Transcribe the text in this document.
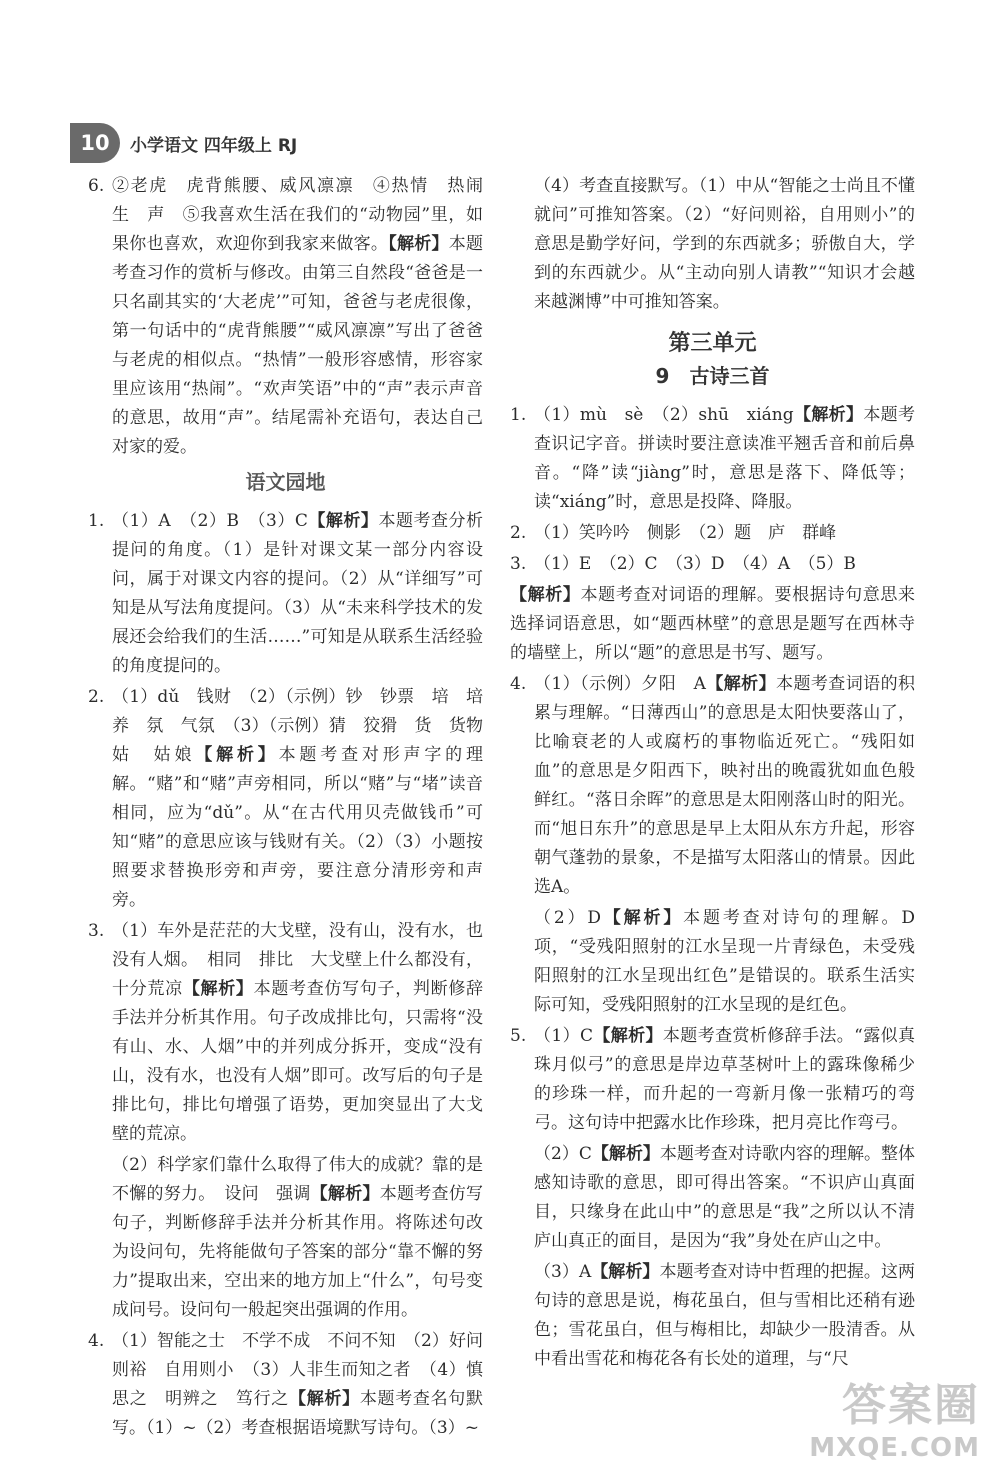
10	小学语文 四年级上 RJ

6. ②老虎　虎背熊腰、威风凛凛　④热情　热闹　生　声　⑤我喜欢生活在我们的“动物园”里，如果你也喜欢，欢迎你到我家来做客。【解析】本题考查习作的赏析与修改。由第三自然段“爸爸是一只名副其实的‘大老虎’”可知，爸爸与老虎很像，第一句话中的“虎背熊腰”“威风凛凛”写出了爸爸与老虎的相似点。“热情”一般形容感情，形容家里应该用“热闹”。“欢声笑语”中的“声”表示声音的意思，故用“声”。结尾需补充语句，表达自己对家的爱。

语文园地

1. （1）A　（2）B　（3）C【解析】本题考查分析提问的角度。（1）是针对课文某一部分内容设问，属于对课文内容的提问。（2）从“详细写”可知是从写法角度提问。（3）从“未来科学技术的发展还会给我们的生活……”可知是从联系生活经验的角度提问的。

2. （1）dǔ　钱财　（2）（示例）钞　钞票　培　培养　氛　气氛　（3）（示例）猜　狡猾　货　货物　姑　姑娘【解析】本题考查对形声字的理解。“赌”和“赌”声旁相同，所以“赌”与“堵”读音相同，应为“dǔ”。从“在古代用贝壳做钱币”可知“赌”的意思应该与钱财有关。（2）（3）小题按照要求替换形旁和声旁，要注意分清形旁和声旁。

3. （1）车外是茫茫的大戈壁，没有山，没有水，也没有人烟。　相同　排比　大戈壁上什么都没有，十分荒凉【解析】本题考查仿写句子，判断修辞手法并分析其作用。句子改成排比句，只需将“没有山、水、人烟”中的并列成分拆开，变成“没有山，没有水，也没有人烟”即可。改写后的句子是排比句，排比句增强了语势，更加突显出了大戈壁的荒凉。

（2）科学家们靠什么取得了伟大的成就？靠的是不懈的努力。　设问　强调【解析】本题考查仿写句子，判断修辞手法并分析其作用。将陈述句改为设问句，先将能做句子答案的部分“靠不懈的努力”提取出来，空出来的地方加上“什么”，句号变成问号。设问句一般起突出强调的作用。

4. （1）智能之士　不学不成　不问不知　（2）好问则裕　自用则小　（3）人非生而知之者　（4）慎思之　明辨之　笃行之【解析】本题考查名句默写。（1）~（2）考查根据语境默写诗句。（3）~

（4）考查直接默写。（1）中从“智能之士尚且不懂就问”可推知答案。（2）“好问则裕，自用则小”的意思是勤学好问，学到的东西就多；骄傲自大，学到的东西就少。从“主动向别人请教”“知识才会越来越渊博”中可推知答案。

第三单元
9　古诗三首

1. （1）mù　sè　（2）shū　xiáng【解析】本题考查识记字音。拼读时要注意读准平翘舌音和前后鼻音。“降”读“jiàng”时，意思是落下、降低等；读“xiáng”时，意思是投降、降服。

2. （1）笑吟吟　侧影　（2）题　庐　群峰

3. （1）E　（2）C　（3）D　（4）A　（5）B

【解析】本题考查对词语的理解。要根据诗句意思来选择词语意思，如“题西林壁”的意思是题写在西林寺的墙壁上，所以“题”的意思是书写、题写。

4. （1）（示例）夕阳　A【解析】本题考查词语的积累与理解。“日薄西山”的意思是太阳快要落山了，比喻衰老的人或腐朽的事物临近死亡。“残阳如血”的意思是夕阳西下，映衬出的晚霞犹如血色般鲜红。“落日余晖”的意思是太阳刚落山时的阳光。而“旭日东升”的意思是早上太阳从东方升起，形容朝气蓬勃的景象，不是描写太阳落山的情景。因此选A。

（2）D【解析】本题考查对诗句的理解。D项，“受残阳照射的江水呈现一片青绿色，未受残阳照射的江水呈现出红色”是错误的。联系生活实际可知，受残阳照射的江水呈现的是红色。

5. （1）C【解析】本题考查赏析修辞手法。“露似真珠月似弓”的意思是岸边草茎树叶上的露珠像稀少的珍珠一样，而升起的一弯新月像一张精巧的弯弓。这句诗中把露水比作珍珠，把月亮比作弯弓。

（2）C【解析】本题考查对诗歌内容的理解。整体感知诗歌的意思，即可得出答案。“不识庐山真面目，只缘身在此山中”的意思是“我”之所以认不清庐山真正的面目，是因为“我”身处在庐山之中。

（3）A【解析】本题考查对诗中哲理的把握。这两句诗的意思是说，梅花虽白，但与雪相比还稍有逊色；雪花虽白，但与梅相比，却缺少一股清香。从中看出雪花和梅花各有长处的道理，与“尺

答案圈
MXQE.COM
